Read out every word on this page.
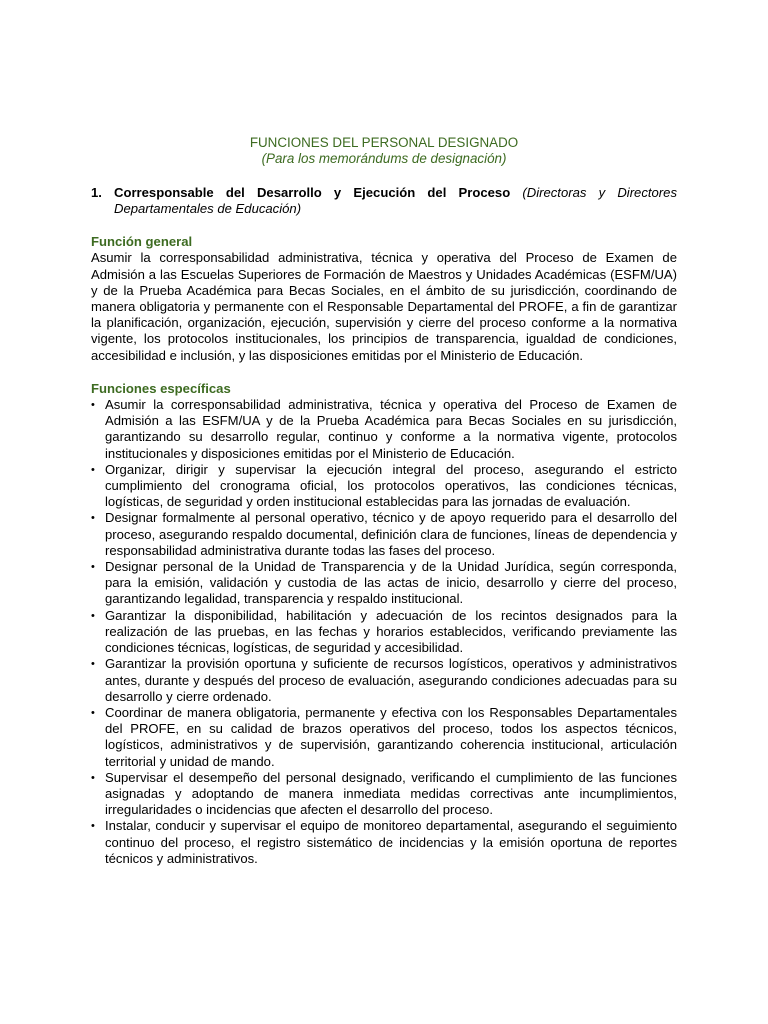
FUNCIONES DEL PERSONAL DESIGNADO
(Para los memorándums de designación)
1. Corresponsable del Desarrollo y Ejecución del Proceso (Directoras y Directores Departamentales de Educación)
Función general
Asumir la corresponsabilidad administrativa, técnica y operativa del Proceso de Examen de Admisión a las Escuelas Superiores de Formación de Maestros y Unidades Académicas (ESFM/UA) y de la Prueba Académica para Becas Sociales, en el ámbito de su jurisdicción, coordinando de manera obligatoria y permanente con el Responsable Departamental del PROFE, a fin de garantizar la planificación, organización, ejecución, supervisión y cierre del proceso conforme a la normativa vigente, los protocolos institucionales, los principios de transparencia, igualdad de condiciones, accesibilidad e inclusión, y las disposiciones emitidas por el Ministerio de Educación.
Funciones específicas
• Asumir la corresponsabilidad administrativa, técnica y operativa del Proceso de Examen de Admisión a las ESFM/UA y de la Prueba Académica para Becas Sociales en su jurisdicción, garantizando su desarrollo regular, continuo y conforme a la normativa vigente, protocolos institucionales y disposiciones emitidas por el Ministerio de Educación.
• Organizar, dirigir y supervisar la ejecución integral del proceso, asegurando el estricto cumplimiento del cronograma oficial, los protocolos operativos, las condiciones técnicas, logísticas, de seguridad y orden institucional establecidas para las jornadas de evaluación.
• Designar formalmente al personal operativo, técnico y de apoyo requerido para el desarrollo del proceso, asegurando respaldo documental, definición clara de funciones, líneas de dependencia y responsabilidad administrativa durante todas las fases del proceso.
• Designar personal de la Unidad de Transparencia y de la Unidad Jurídica, según corresponda, para la emisión, validación y custodia de las actas de inicio, desarrollo y cierre del proceso, garantizando legalidad, transparencia y respaldo institucional.
• Garantizar la disponibilidad, habilitación y adecuación de los recintos designados para la realización de las pruebas, en las fechas y horarios establecidos, verificando previamente las condiciones técnicas, logísticas, de seguridad y accesibilidad.
• Garantizar la provisión oportuna y suficiente de recursos logísticos, operativos y administrativos antes, durante y después del proceso de evaluación, asegurando condiciones adecuadas para su desarrollo y cierre ordenado.
• Coordinar de manera obligatoria, permanente y efectiva con los Responsables Departamentales del PROFE, en su calidad de brazos operativos del proceso, todos los aspectos técnicos, logísticos, administrativos y de supervisión, garantizando coherencia institucional, articulación territorial y unidad de mando.
• Supervisar el desempeño del personal designado, verificando el cumplimiento de las funciones asignadas y adoptando de manera inmediata medidas correctivas ante incumplimientos, irregularidades o incidencias que afecten el desarrollo del proceso.
• Instalar, conducir y supervisar el equipo de monitoreo departamental, asegurando el seguimiento continuo del proceso, el registro sistemático de incidencias y la emisión oportuna de reportes técnicos y administrativos.
